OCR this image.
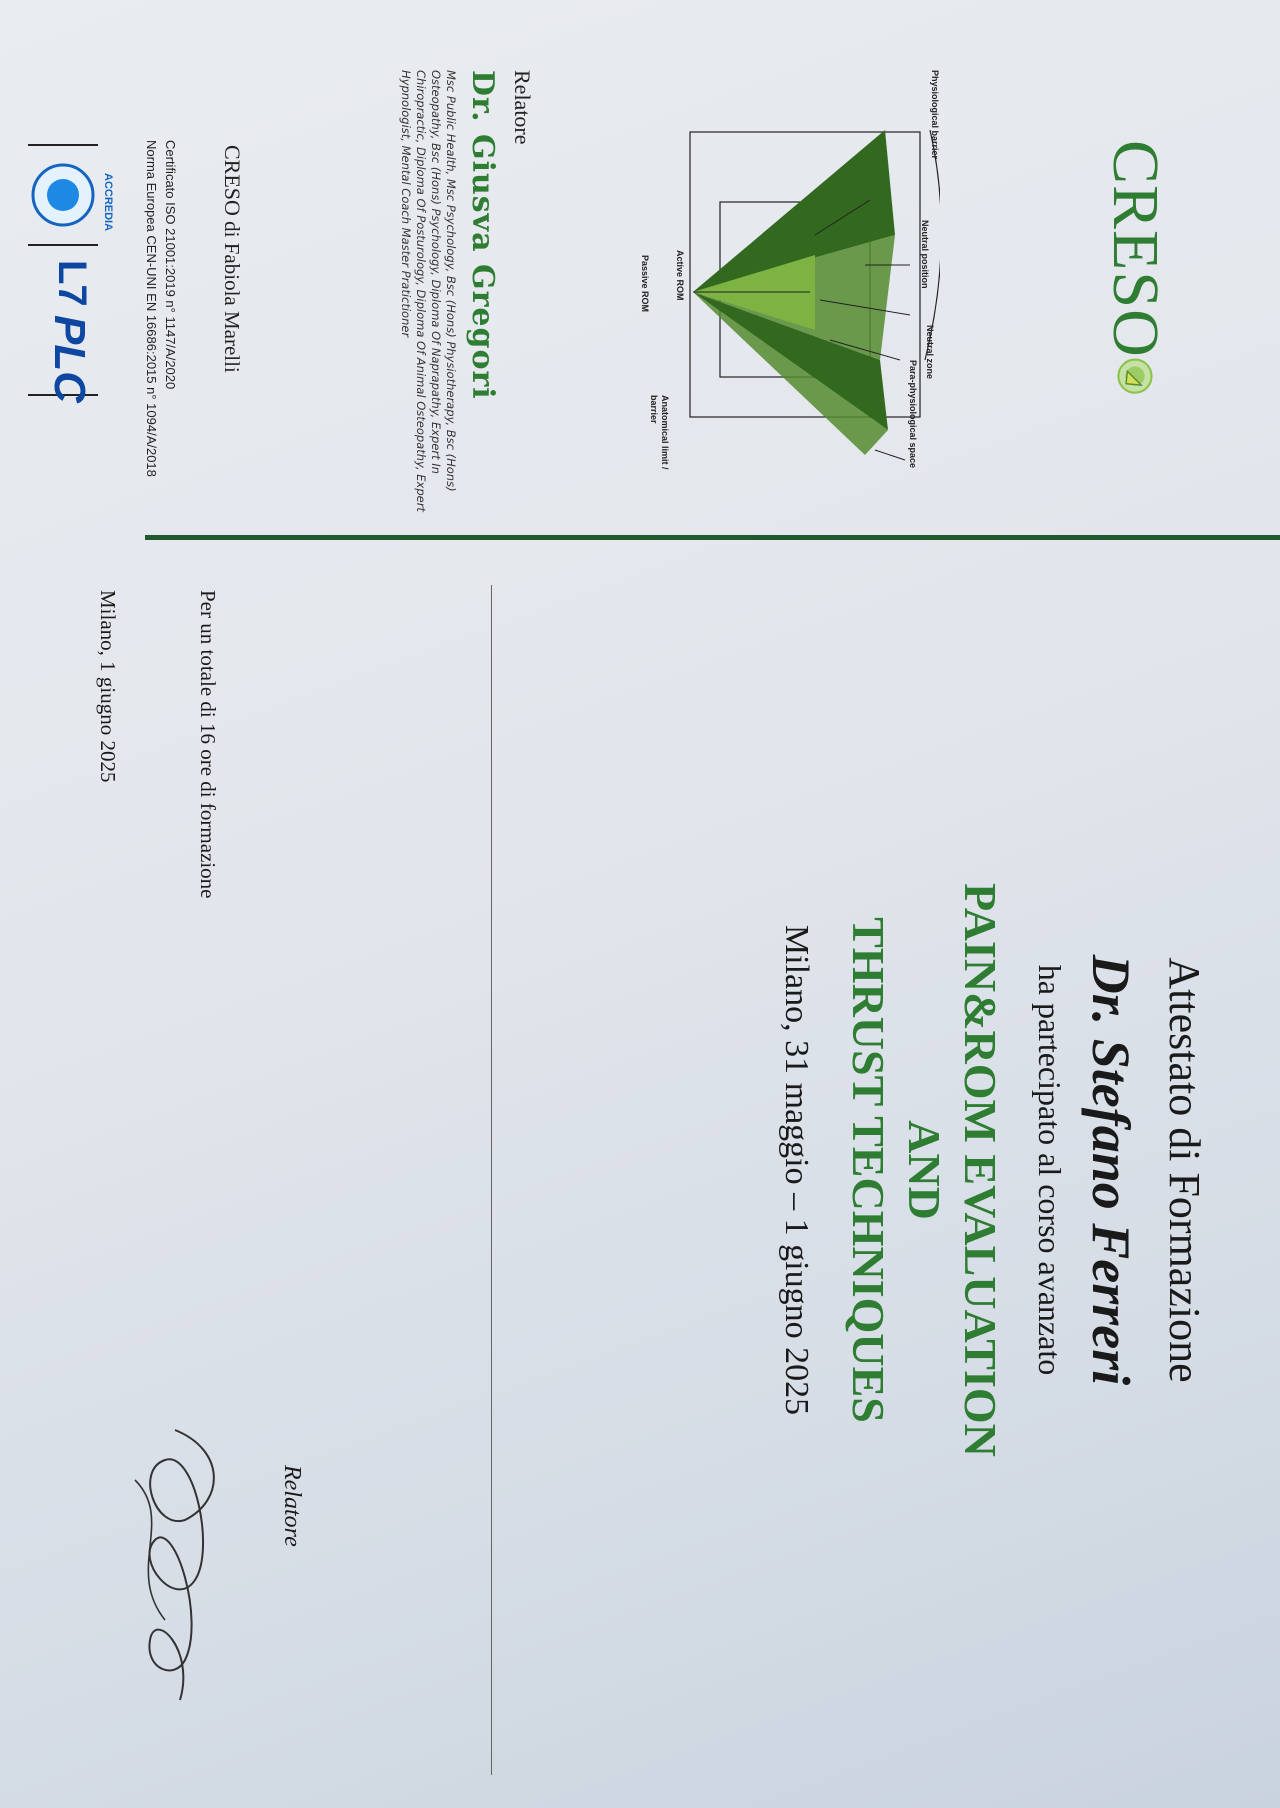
CRESO
Physiological barrier
Neutral position
Neutral zone
Para-physiological space
Anatomical limit / barrier
Active ROM
Passive ROM
Relatore
Dr. Giusva Gregori
Msc Public Health, Msc Psychology, Bsc (Hons) Physiotherapy, Bsc (Hons) Osteopathy, Bsc (Hons) Psychology, Diploma Of Naprapathy, Expert In Chiropractic, Diploma Of Posturology, Diploma Of Animal Osteopathy, Expert Hypnologist, Mental Coach Master Pratictioner
CRESO di Fabiola Marelli
Certificato ISO 21001:2019 n° 1147/A/2020
Norma Europea CEN-UNI EN 16686:2015 n° 1094/A/2018
ACCREDIA
L7
PLC
Attestato di Formazione
Dr. Stefano Ferreri
ha partecipato al corso avanzato
PAIN&ROM EVALUATION
AND
THRUST TECHNIQUES
Milano, 31 maggio – 1 giugno 2025
Per un totale di 16 ore di formazione
Milano, 1 giugno 2025
Relatore
